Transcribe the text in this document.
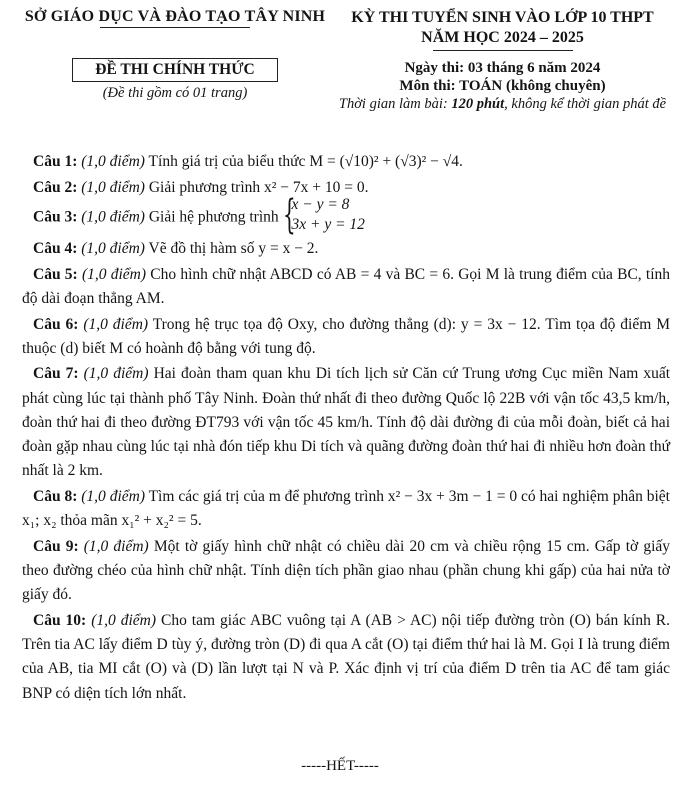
SỞ GIÁO DỤC VÀ ĐÀO TẠO TÂY NINH
ĐỀ THI CHÍNH THỨC
(Đề thi gồm có 01 trang)
KỲ THI TUYỂN SINH VÀO LỚP 10 THPT
NĂM HỌC 2024 – 2025
Ngày thi: 03 tháng 6 năm 2024
Môn thi: TOÁN (không chuyên)
Thời gian làm bài: 120 phút, không kể thời gian phát đề

Câu 1: (1,0 điểm) Tính giá trị của biểu thức M = (√10)² + (√3)² − √4.

Câu 2: (1,0 điểm) Giải phương trình x² − 7x + 10 = 0.

Câu 3: (1,0 điểm) Giải hệ phương trình {
x − y = 8
3x + y = 12

Câu 4: (1,0 điểm) Vẽ đồ thị hàm số y = x − 2.

Câu 5: (1,0 điểm) Cho hình chữ nhật ABCD có AB = 4 và BC = 6. Gọi M là trung điểm của BC, tính độ dài đoạn thẳng AM.

Câu 6: (1,0 điểm) Trong hệ trục tọa độ Oxy, cho đường thẳng (d): y = 3x − 12. Tìm tọa độ điểm M thuộc (d) biết M có hoành độ bằng với tung độ.

Câu 7: (1,0 điểm) Hai đoàn tham quan khu Di tích lịch sử Căn cứ Trung ương Cục miền Nam xuất phát cùng lúc tại thành phố Tây Ninh. Đoàn thứ nhất đi theo đường Quốc lộ 22B với vận tốc 43,5 km/h, đoàn thứ hai đi theo đường ĐT793 với vận tốc 45 km/h. Tính độ dài đường đi của mỗi đoàn, biết cả hai đoàn gặp nhau cùng lúc tại nhà đón tiếp khu Di tích và quãng đường đoàn thứ hai đi nhiều hơn đoàn thứ nhất là 2 km.

Câu 8: (1,0 điểm) Tìm các giá trị của m để phương trình x² − 3x + 3m − 1 = 0 có hai nghiệm phân biệt x₁; x₂ thỏa mãn x₁² + x₂² = 5.

Câu 9: (1,0 điểm) Một tờ giấy hình chữ nhật có chiều dài 20 cm và chiều rộng 15 cm. Gấp tờ giấy theo đường chéo của hình chữ nhật. Tính diện tích phần giao nhau (phần chung khi gấp) của hai nửa tờ giấy đó.

Câu 10: (1,0 điểm) Cho tam giác ABC vuông tại A (AB > AC) nội tiếp đường tròn (O) bán kính R. Trên tia AC lấy điểm D tùy ý, đường tròn (D) đi qua A cắt (O) tại điểm thứ hai là M. Gọi I là trung điểm của AB, tia MI cắt (O) và (D) lần lượt tại N và P. Xác định vị trí của điểm D trên tia AC để tam giác BNP có diện tích lớn nhất.

-----HẾT-----
